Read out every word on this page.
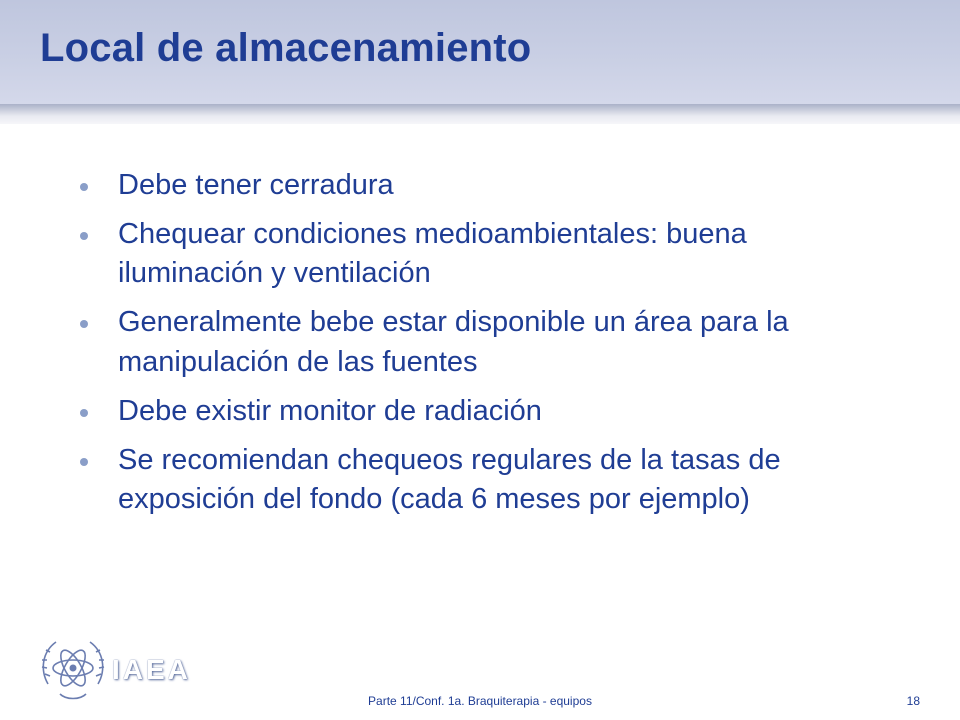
Local de almacenamiento
Debe tener cerradura
Chequear condiciones medioambientales: buena iluminación y ventilación
Generalmente bebe estar disponible un área para la manipulación de las fuentes
Debe existir monitor de radiación
Se recomiendan chequeos regulares de la tasas de exposición del fondo (cada 6 meses por ejemplo)
IAEA
Parte 11/Conf. 1a. Braquiterapia - equipos	18
